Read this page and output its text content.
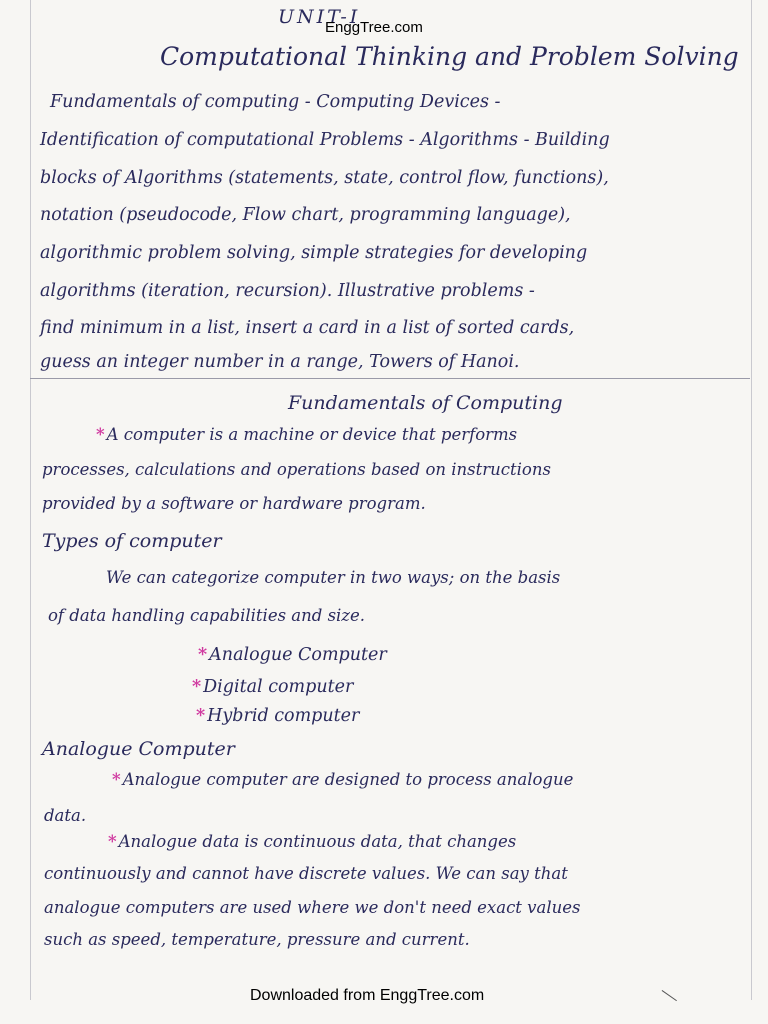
UNIT-I
EnggTree.com
Computational Thinking and Problem Solving
Fundamentals of computing - Computing Devices -
Identification of computational Problems - Algorithms - Building
blocks of Algorithms (statements, state, control flow, functions),
notation (pseudocode, Flow chart, programming language),
algorithmic problem solving, simple strategies for developing
algorithms (iteration, recursion). Illustrative problems -
find minimum in a list, insert a card in a list of sorted cards,
guess an integer number in a range, Towers of Hanoi.
Fundamentals of Computing
* A computer is a machine or device that performs
processes, calculations and operations based on instructions
provided by a software or hardware program.
Types of computer
We can categorize computer in two ways; on the basis
of data handling capabilities and size.
* Analogue Computer
* Digital computer
* Hybrid computer
Analogue Computer
* Analogue computer are designed to process analogue
data.
* Analogue data is continuous data, that changes
continuously and cannot have discrete values. We can say that
analogue computers are used where we don't need exact values
such as speed, temperature, pressure and current.
Downloaded from EnggTree.com
